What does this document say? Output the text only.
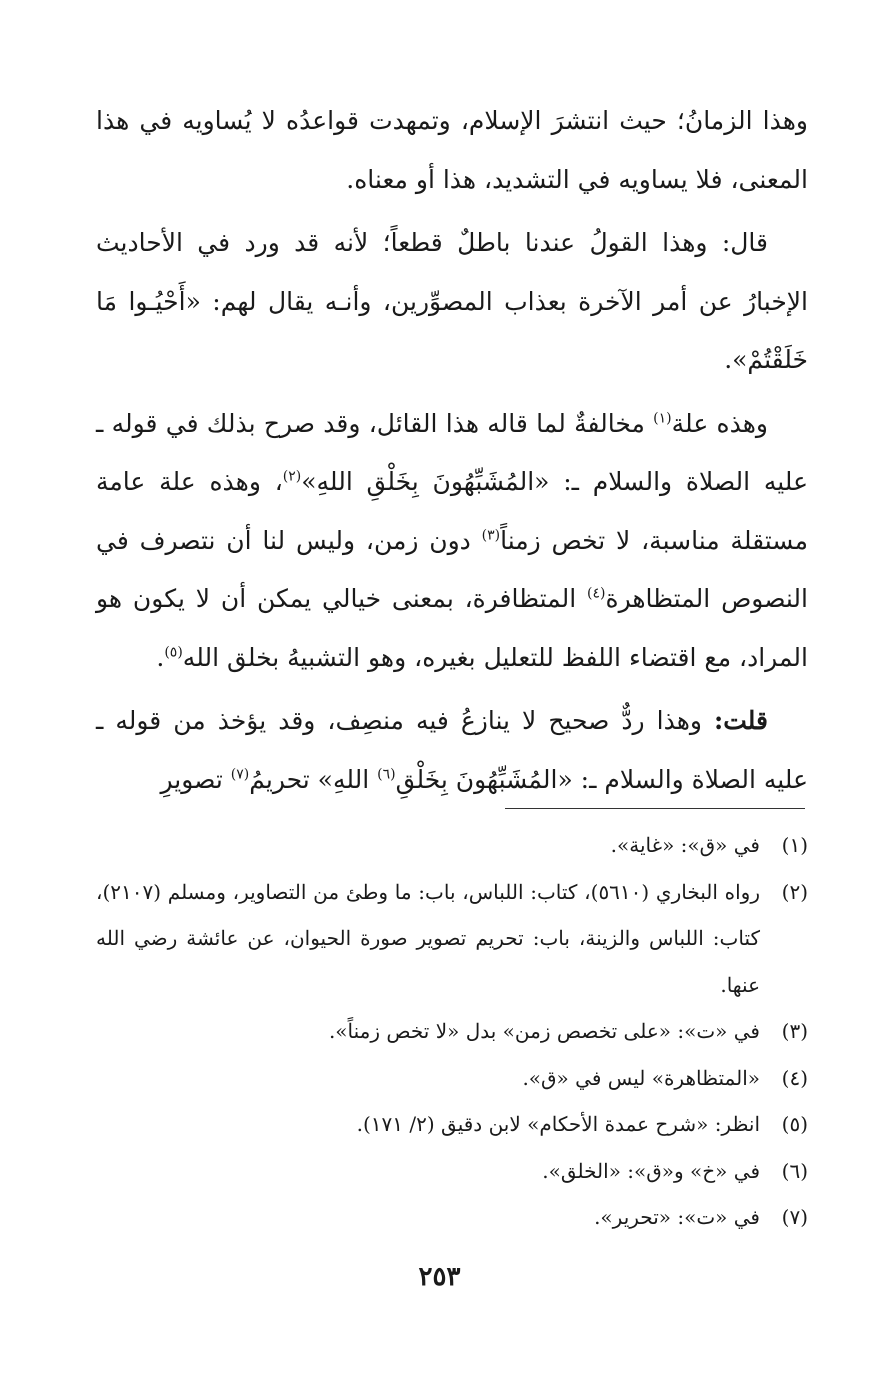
وهذا الزمانُ؛ حيث انتشرَ الإسلام، وتمهدت قواعدُه لا يُساويه في هذا المعنى، فلا يساويه في التشديد، هذا أو معناه.

قال: وهذا القولُ عندنا باطلٌ قطعاً؛ لأنه قد ورد في الأحاديث الإخبارُ عن أمر الآخرة بعذاب المصوِّرين، وأنـه يقال لهم: «أَحْيُـوا مَا خَلَقْتُمْ».

وهذه علة$^{(١)}$ مخالفةٌ لما قاله هذا القائل، وقد صرح بذلك في قوله ـ عليه الصلاة والسلام ـ: «المُشَبِّهُونَ بِخَلْقِ اللهِ»$^{(٢)}$، وهذه علة عامة مستقلة مناسبة، لا تخص زمناً$^{(٣)}$ دون زمن، وليس لنا أن نتصرف في النصوص المتظاهرة$^{(٤)}$ المتظافرة، بمعنى خيالي يمكن أن لا يكون هو المراد، مع اقتضاء اللفظ للتعليل بغيره، وهو التشبيهُ بخلق الله$^{(٥)}$.

قلت: وهذا ردٌّ صحيح لا ينازعُ فيه منصِف، وقد يؤخذ من قوله ـ عليه الصلاة والسلام ـ: «المُشَبِّهُونَ بِخَلْقِ$^{(٦)}$ اللهِ» تحريمُ$^{(٧)}$ تصويرِ

(١)
في «ق»: «غاية».
(٢)
رواه البخاري (٥٦١٠)، كتاب: اللباس، باب: ما وطئ من التصاوير، ومسلم (٢١٠٧)، كتاب: اللباس والزينة، باب: تحريم تصوير صورة الحيوان، عن عائشة رضي الله عنها.
(٣)
في «ت»: «على تخصص زمن» بدل «لا تخص زمناً».
(٤)
«المتظاهرة» ليس في «ق».
(٥)
انظر: «شرح عمدة الأحكام» لابن دقيق (٢/ ١٧١).
(٦)
في «خ» و«ق»: «الخلق».
(٧)
في «ت»: «تحرير».
٢٥٣
